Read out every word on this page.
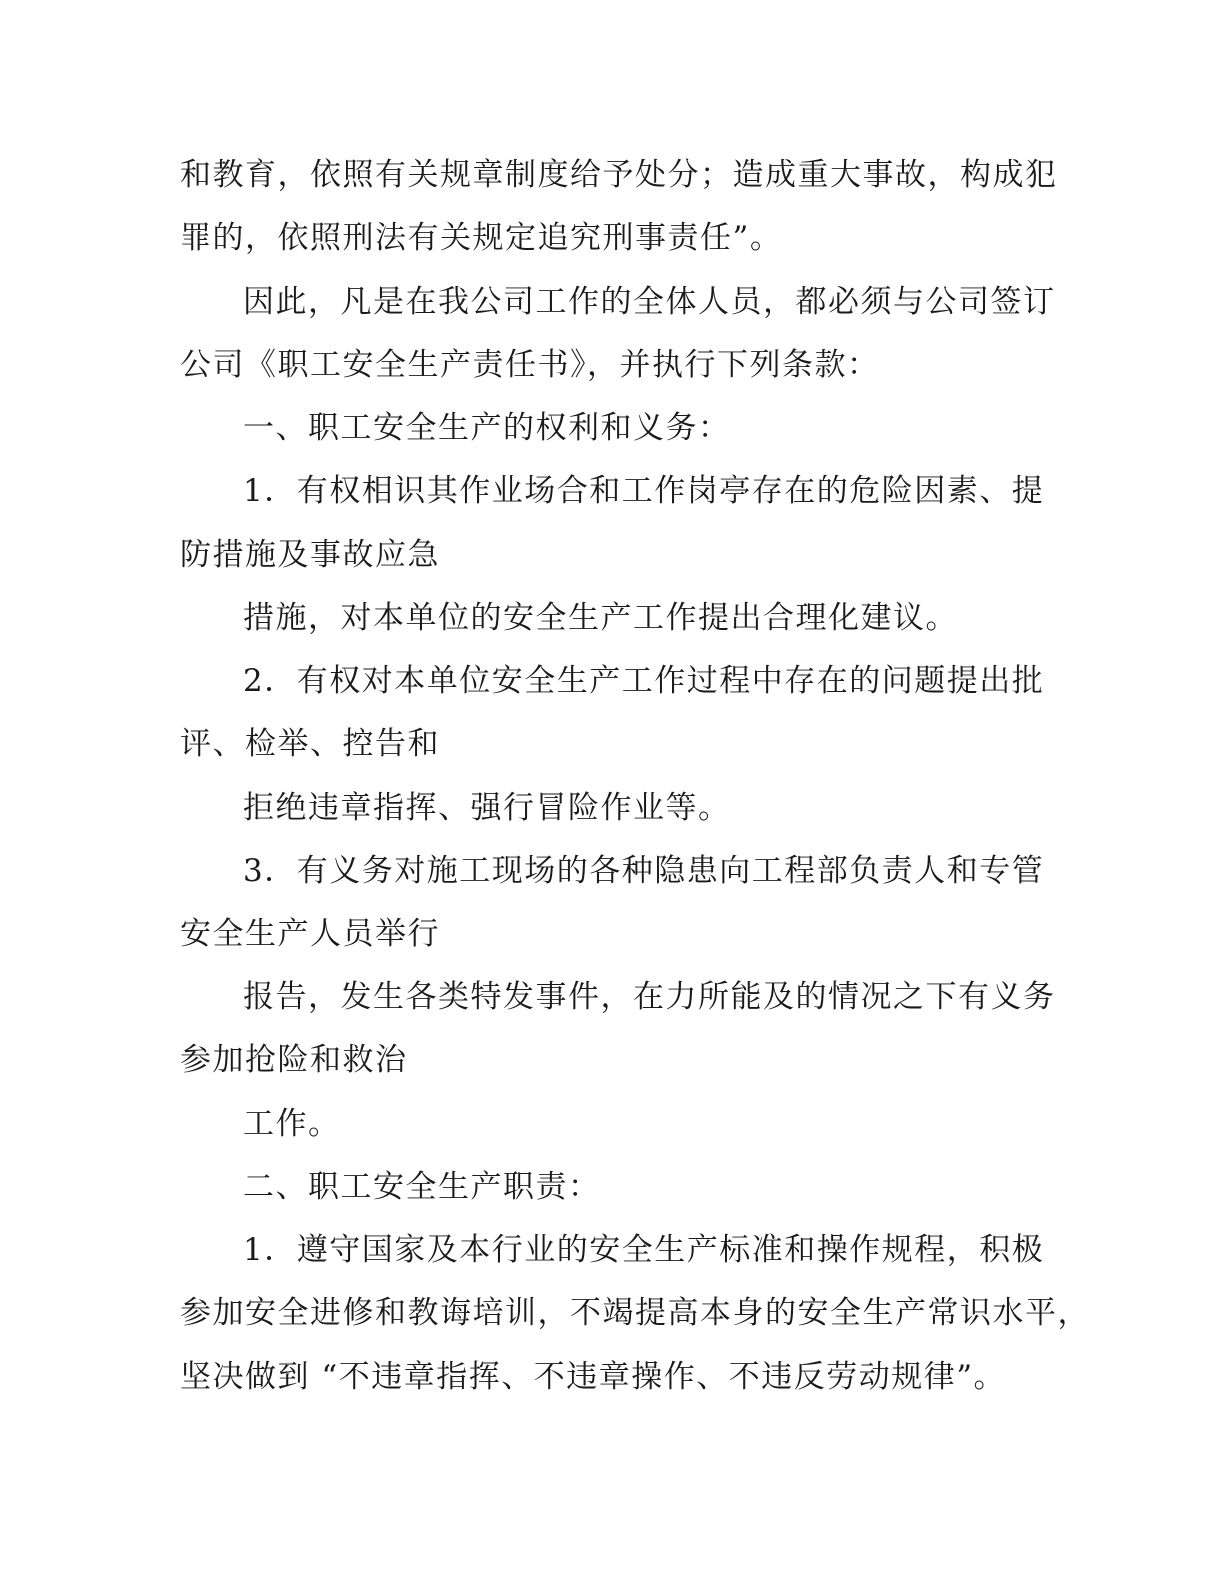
和教育，依照有关规章制度给予处分；造成重大事故，构成犯

罪的，依照刑法有关规定追究刑事责任”。

因此，凡是在我公司工作的全体人员，都必须与公司签订

公司《职工安全生产责任书》，并执行下列条款：

一、职工安全生产的权利和义务：

1．有权相识其作业场合和工作岗亭存在的危险因素、提

防措施及事故应急

措施，对本单位的安全生产工作提出合理化建议。

2．有权对本单位安全生产工作过程中存在的问题提出批

评、检举、控告和

拒绝违章指挥、强行冒险作业等。

3．有义务对施工现场的各种隐患向工程部负责人和专管

安全生产人员举行

报告，发生各类特发事件，在力所能及的情况之下有义务

参加抢险和救治

工作。

二、职工安全生产职责：

1．遵守国家及本行业的安全生产标准和操作规程，积极

参加安全进修和教诲培训，不竭提高本身的安全生产常识水平，

坚决做到 “不违章指挥、不违章操作、不违反劳动规律”。
